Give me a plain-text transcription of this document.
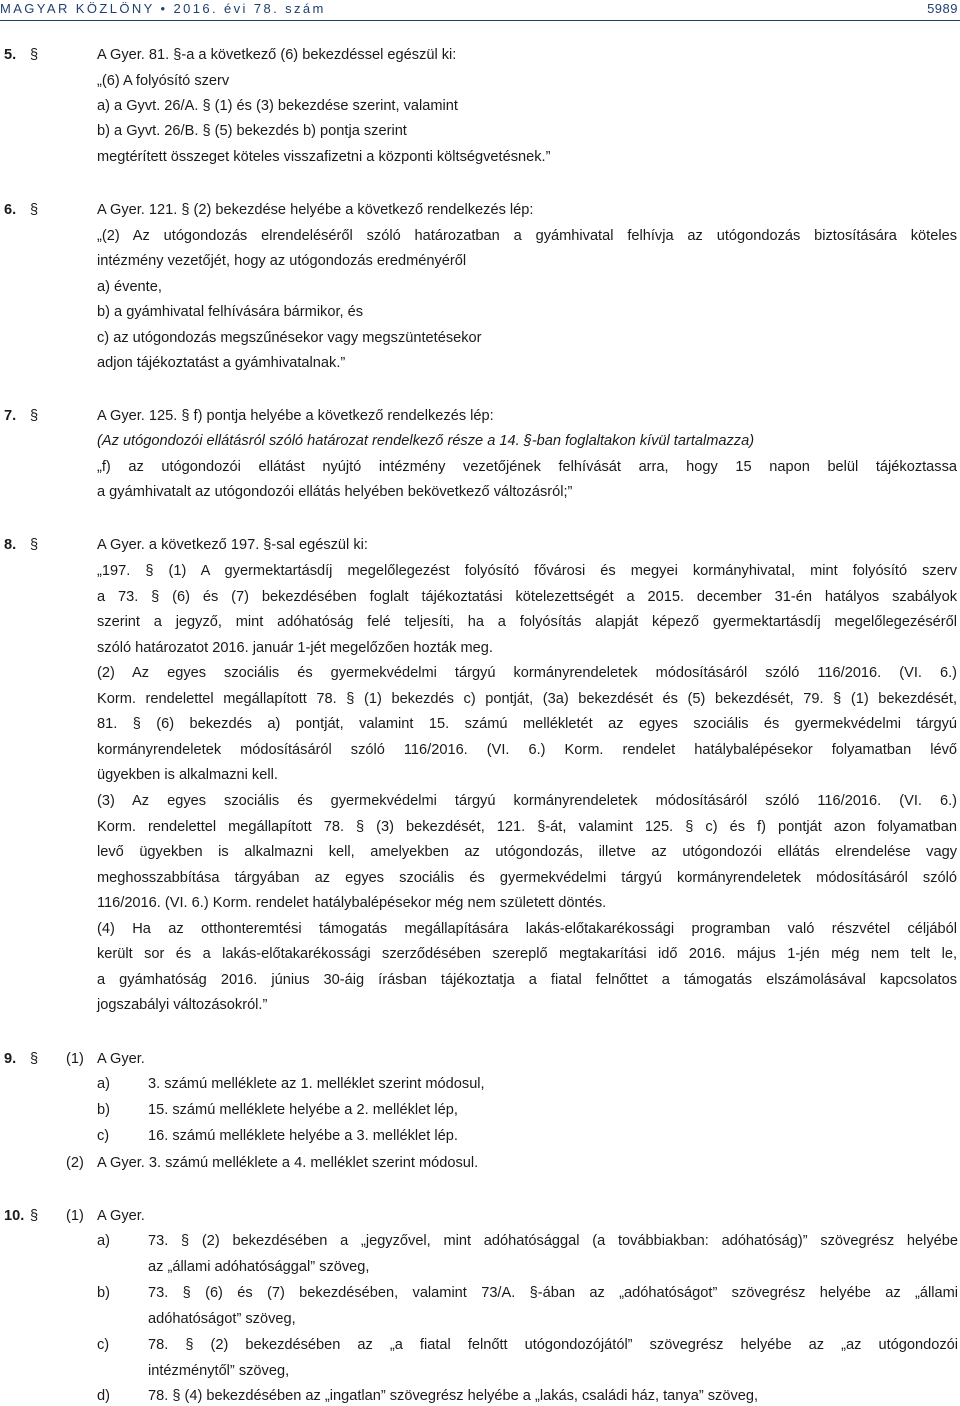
MAGYAR KÖZLÖNY • 2016. évi 78. szám	5989
5. §	A Gyer. 81. §-a a következő (6) bekezdéssel egészül ki:
„(6) A folyósító szerv
a) a Gyvt. 26/A. § (1) és (3) bekezdése szerint, valamint
b) a Gyvt. 26/B. § (5) bekezdés b) pontja szerint
megtérített összeget köteles visszafizetni a központi költségvetésnek.”
6. §	A Gyer. 121. § (2) bekezdése helyébe a következő rendelkezés lép:
„(2) Az utógondozás elrendeléséről szóló határozatban a gyámhivatal felhívja az utógondozás biztosítására köteles
intézmény vezetőjét, hogy az utógondozás eredményéről
a) évente,
b) a gyámhivatal felhívására bármikor, és
c) az utógondozás megszűnésekor vagy megszüntetésekor
adjon tájékoztatást a gyámhivatalnak.”
7. §	A Gyer. 125. § f) pontja helyébe a következő rendelkezés lép:
(Az utógondozói ellátásról szóló határozat rendelkező része a 14. §-ban foglaltakon kívül tartalmazza)
„f) az utógondozói ellátást nyújtó intézmény vezetőjének felhívását arra, hogy 15 napon belül tájékoztassa
a gyámhivatalt az utógondozói ellátás helyében bekövetkező változásról;”
8. §	A Gyer. a következő 197. §-sal egészül ki:
„197. § (1) A gyermektartásdíj megelőlegezést folyósító fővárosi és megyei kormányhivatal, mint folyósító szerv
a 73. § (6) és (7) bekezdésében foglalt tájékoztatási kötelezettségét a 2015. december 31-én hatályos szabályok
szerint a jegyző, mint adóhatóság felé teljesíti, ha a folyósítás alapját képező gyermektartásdíj megelőlegezéséről
szóló határozatot 2016. január 1-jét megelőzően hozták meg.
(2) Az egyes szociális és gyermekvédelmi tárgyú kormányrendeletek módosításáról szóló 116/2016. (VI. 6.)
Korm. rendelettel megállapított 78. § (1) bekezdés c) pontját, (3a) bekezdését és (5) bekezdését, 79. § (1) bekezdését,
81. § (6) bekezdés a) pontját, valamint 15. számú mellékletét az egyes szociális és gyermekvédelmi tárgyú
kormányrendeletek módosításáról szóló 116/2016. (VI. 6.) Korm. rendelet hatálybalépésekor folyamatban lévő
ügyekben is alkalmazni kell.
(3) Az egyes szociális és gyermekvédelmi tárgyú kormányrendeletek módosításáról szóló 116/2016. (VI. 6.)
Korm. rendelettel megállapított 78. § (3) bekezdését, 121. §-át, valamint 125. § c) és f) pontját azon folyamatban
levő ügyekben is alkalmazni kell, amelyekben az utógondozás, illetve az utógondozói ellátás elrendelése vagy
meghosszabbítása tárgyában az egyes szociális és gyermekvédelmi tárgyú kormányrendeletek módosításáról szóló
116/2016. (VI. 6.) Korm. rendelet hatálybalépésekor még nem született döntés.
(4) Ha az otthonteremtési támogatás megállapítására lakás-előtakarékossági programban való részvétel céljából
került sor és a lakás-előtakarékossági szerződésében szereplő megtakarítási idő 2016. május 1-jén még nem telt le,
a gyámhatóság 2016. június 30-áig írásban tájékoztatja a fiatal felnőttet a támogatás elszámolásával kapcsolatos
jogszabályi változásokról.”
9. § (1) A Gyer.
a)	3. számú melléklete az 1. melléklet szerint módosul,
b)	15. számú melléklete helyébe a 2. melléklet lép,
c)	16. számú melléklete helyébe a 3. melléklet lép.
(2) A Gyer. 3. számú melléklete a 4. melléklet szerint módosul.
10. § (1) A Gyer.
a)	73. § (2) bekezdésében a „jegyzővel, mint adóhatósággal (a továbbiakban: adóhatóság)” szövegrész helyébe
az „állami adóhatósággal” szöveg,
b)	73. § (6) és (7) bekezdésében, valamint 73/A. §-ában az „adóhatóságot” szövegrész helyébe az „állami
adóhatóságot” szöveg,
c)	78. § (2) bekezdésében az „a fiatal felnőtt utógondozójától” szövegrész helyébe az „az utógondozói
intézménytől” szöveg,
d)	78. § (4) bekezdésében az „ingatlan” szövegrész helyébe a „lakás, családi ház, tanya” szöveg,
